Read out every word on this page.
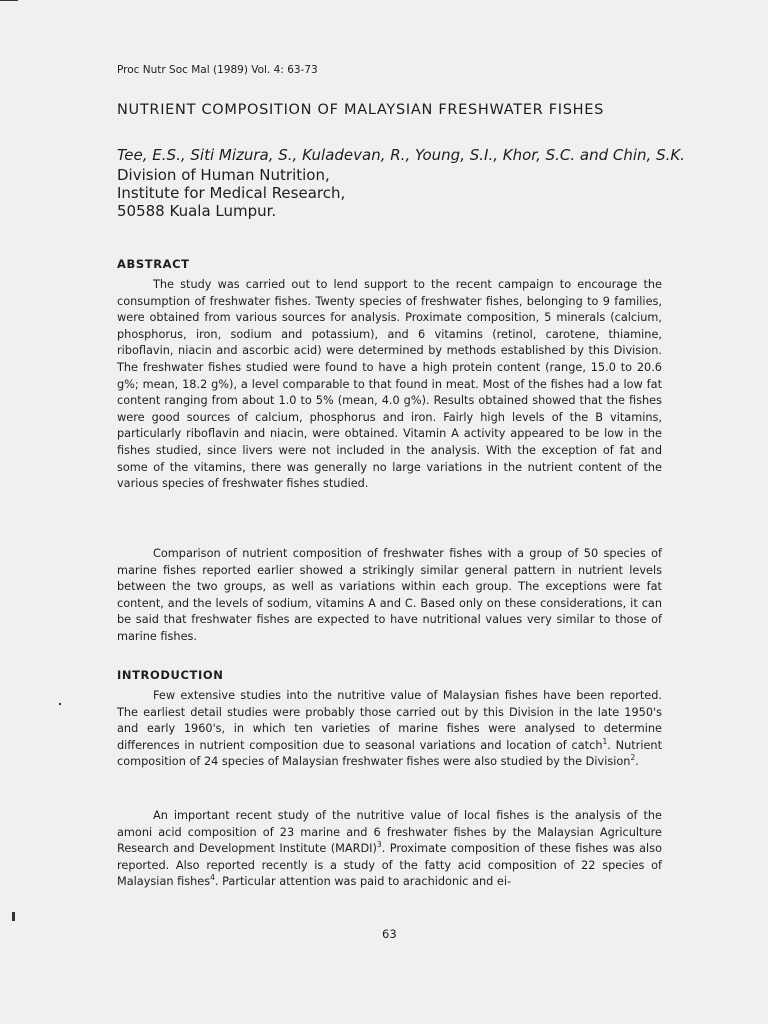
Proc Nutr Soc Mal (1989) Vol. 4: 63-73
NUTRIENT COMPOSITION OF MALAYSIAN FRESHWATER FISHES
Tee, E.S., Siti Mizura, S., Kuladevan, R., Young, S.I., Khor, S.C. and Chin, S.K.
Division of Human Nutrition,
Institute for Medical Research,
50588 Kuala Lumpur.
ABSTRACT

The study was carried out to lend support to the recent campaign to encourage the consumption of freshwater fishes. Twenty species of freshwater fishes, belonging to 9 families, were obtained from various sources for analysis. Proximate composition, 5 minerals (calcium, phosphorus, iron, sodium and potassium), and 6 vitamins (retinol, carotene, thiamine, riboflavin, niacin and ascorbic acid) were determined by methods established by this Division. The freshwater fishes studied were found to have a high protein content (range, 15.0 to 20.6 g%; mean, 18.2 g%), a level comparable to that found in meat. Most of the fishes had a low fat content ranging from about 1.0 to 5% (mean, 4.0 g%). Results obtained showed that the fishes were good sources of calcium, phosphorus and iron. Fairly high levels of the B vitamins, particularly riboflavin and niacin, were obtained. Vitamin A activity appeared to be low in the fishes studied, since livers were not included in the analysis. With the exception of fat and some of the vitamins, there was generally no large variations in the nutrient content of the various species of freshwater fishes studied.

Comparison of nutrient composition of freshwater fishes with a group of 50 species of marine fishes reported earlier showed a strikingly similar general pattern in nutrient levels between the two groups, as well as variations within each group. The exceptions were fat content, and the levels of sodium, vitamins A and C. Based only on these considerations, it can be said that freshwater fishes are expected to have nutritional values very similar to those of marine fishes.

INTRODUCTION

Few extensive studies into the nutritive value of Malaysian fishes have been reported. The earliest detail studies were probably those carried out by this Division in the late 1950's and early 1960's, in which ten varieties of marine fishes were analysed to determine differences in nutrient composition due to seasonal variations and location of catch$^1$. Nutrient composition of 24 species of Malaysian freshwater fishes were also studied by the Division$^2$.

An important recent study of the nutritive value of local fishes is the analysis of the amoni acid composition of 23 marine and 6 freshwater fishes by the Malaysian Agriculture Research and Development Institute (MARDI)$^3$. Proximate composition of these fishes was also reported. Also reported recently is a study of the fatty acid composition of 22 species of Malaysian fishes$^4$. Particular attention was paid to arachidonic and ei-

63
